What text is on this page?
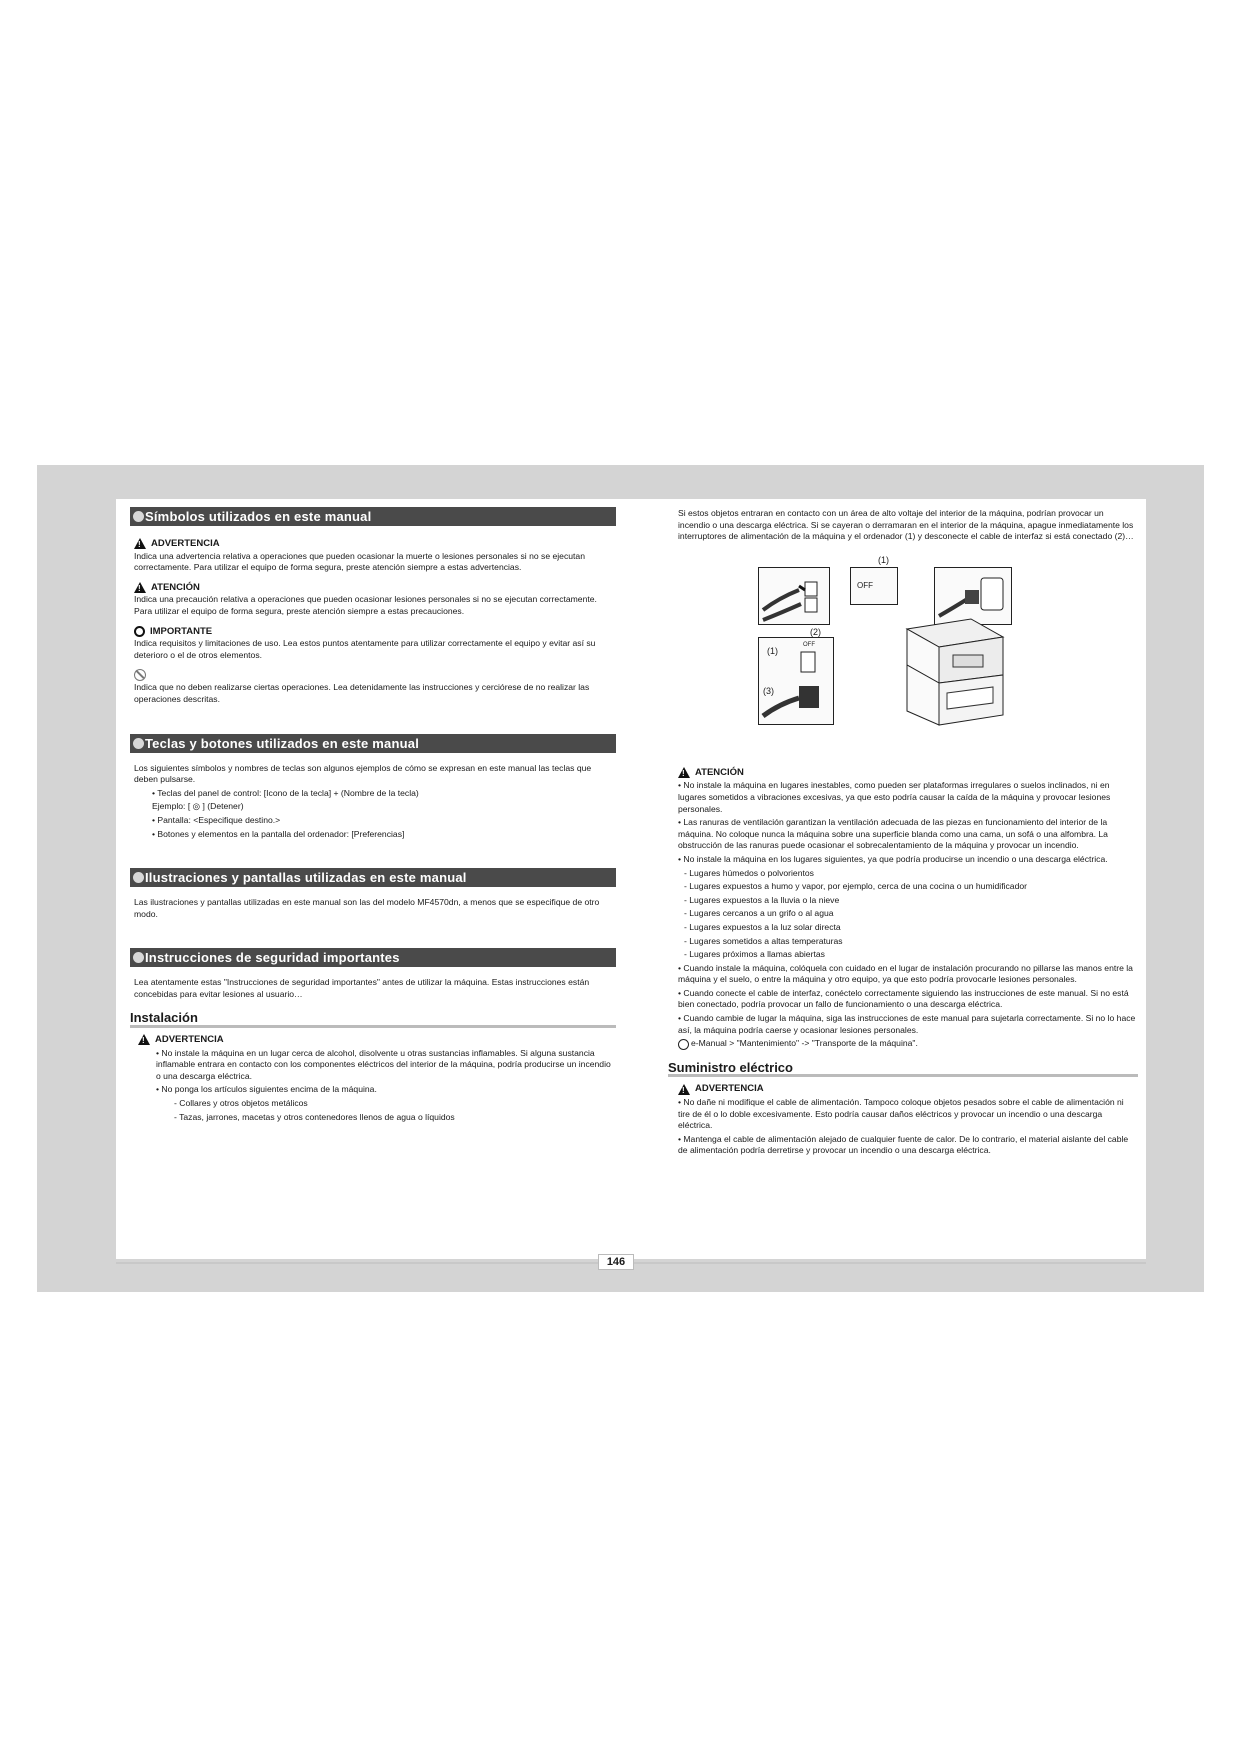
Símbolos utilizados en este manual
!
ADVERTENCIA

Indica una advertencia relativa a operaciones que pueden ocasionar la muerte o lesiones personales si no se ejecutan correctamente. Para utilizar el equipo de forma segura, preste atención siempre a estas advertencias.

!
ATENCIÓN

Indica una precaución relativa a operaciones que pueden ocasionar lesiones personales si no se ejecutan correctamente. Para utilizar el equipo de forma segura, preste atención siempre a estas precauciones.

IMPORTANTE

Indica requisitos y limitaciones de uso. Lea estos puntos atentamente para utilizar correctamente el equipo y evitar así su deterioro o el de otros elementos.

Indica que no deben realizarse ciertas operaciones. Lea detenidamente las instrucciones y cerciórese de no realizar las operaciones descritas.

Teclas y botones utilizados en este manual

Los siguientes símbolos y nombres de teclas son algunos ejemplos de cómo se expresan en este manual las teclas que deben pulsarse.

• Teclas del panel de control: [Icono de la tecla] + (Nombre de la tecla)
Ejemplo: [ ◎ ] (Detener)
• Pantalla: <Especifique destino.>
• Botones y elementos en la pantalla del ordenador: [Preferencias]
Ilustraciones y pantallas utilizadas en este manual

Las ilustraciones y pantallas utilizadas en este manual son las del modelo MF4570dn, a menos que se especifique de otro modo.

Instrucciones de seguridad importantes

Lea atentamente estas "Instrucciones de seguridad importantes" antes de utilizar la máquina. Estas instrucciones están concebidas para evitar lesiones al usuario…

Instalación
!
ADVERTENCIA
• No instale la máquina en un lugar cerca de alcohol, disolvente u otras sustancias inflamables. Si alguna sustancia inflamable entrara en contacto con los componentes eléctricos del interior de la máquina, podría producirse un incendio o una descarga eléctrica.
• No ponga los artículos siguientes encima de la máquina.
- Collares y otros objetos metálicos
- Tazas, jarrones, macetas y otros contenedores llenos de agua o líquidos

Si estos objetos entraran en contacto con un área de alto voltaje del interior de la máquina, podrían provocar un incendio o una descarga eléctrica. Si se cayeran o derramaran en el interior de la máquina, apague inmediatamente los interruptores de alimentación de la máquina y el ordenador (1) y desconecte el cable de interfaz si está conectado (2)…

(2)
(1)
OFF
(1)
OFF
(3)
!
ATENCIÓN
• No instale la máquina en lugares inestables, como pueden ser plataformas irregulares o suelos inclinados, ni en lugares sometidos a vibraciones excesivas, ya que esto podría causar la caída de la máquina y provocar lesiones personales.
• Las ranuras de ventilación garantizan la ventilación adecuada de las piezas en funcionamiento del interior de la máquina. No coloque nunca la máquina sobre una superficie blanda como una cama, un sofá o una alfombra. La obstrucción de las ranuras puede ocasionar el sobrecalentamiento de la máquina y provocar un incendio.
• No instale la máquina en los lugares siguientes, ya que podría producirse un incendio o una descarga eléctrica.
- Lugares húmedos o polvorientos
- Lugares expuestos a humo y vapor, por ejemplo, cerca de una cocina o un humidificador
- Lugares expuestos a la lluvia o la nieve
- Lugares cercanos a un grifo o al agua
- Lugares expuestos a la luz solar directa
- Lugares sometidos a altas temperaturas
- Lugares próximos a llamas abiertas
• Cuando instale la máquina, colóquela con cuidado en el lugar de instalación procurando no pillarse las manos entre la máquina y el suelo, o entre la máquina y otro equipo, ya que esto podría provocarle lesiones personales.
• Cuando conecte el cable de interfaz, conéctelo correctamente siguiendo las instrucciones de este manual. Si no está bien conectado, podría provocar un fallo de funcionamiento o una descarga eléctrica.
• Cuando cambie de lugar la máquina, siga las instrucciones de este manual para sujetarla correctamente. Si no lo hace así, la máquina podría caerse y ocasionar lesiones personales.
e-Manual > "Mantenimiento" -> "Transporte de la máquina".
Suministro eléctrico
!
ADVERTENCIA
• No dañe ni modifique el cable de alimentación. Tampoco coloque objetos pesados sobre el cable de alimentación ni tire de él o lo doble excesivamente. Esto podría causar daños eléctricos y provocar un incendio o una descarga eléctrica.
• Mantenga el cable de alimentación alejado de cualquier fuente de calor. De lo contrario, el material aislante del cable de alimentación podría derretirse y provocar un incendio o una descarga eléctrica.
146
